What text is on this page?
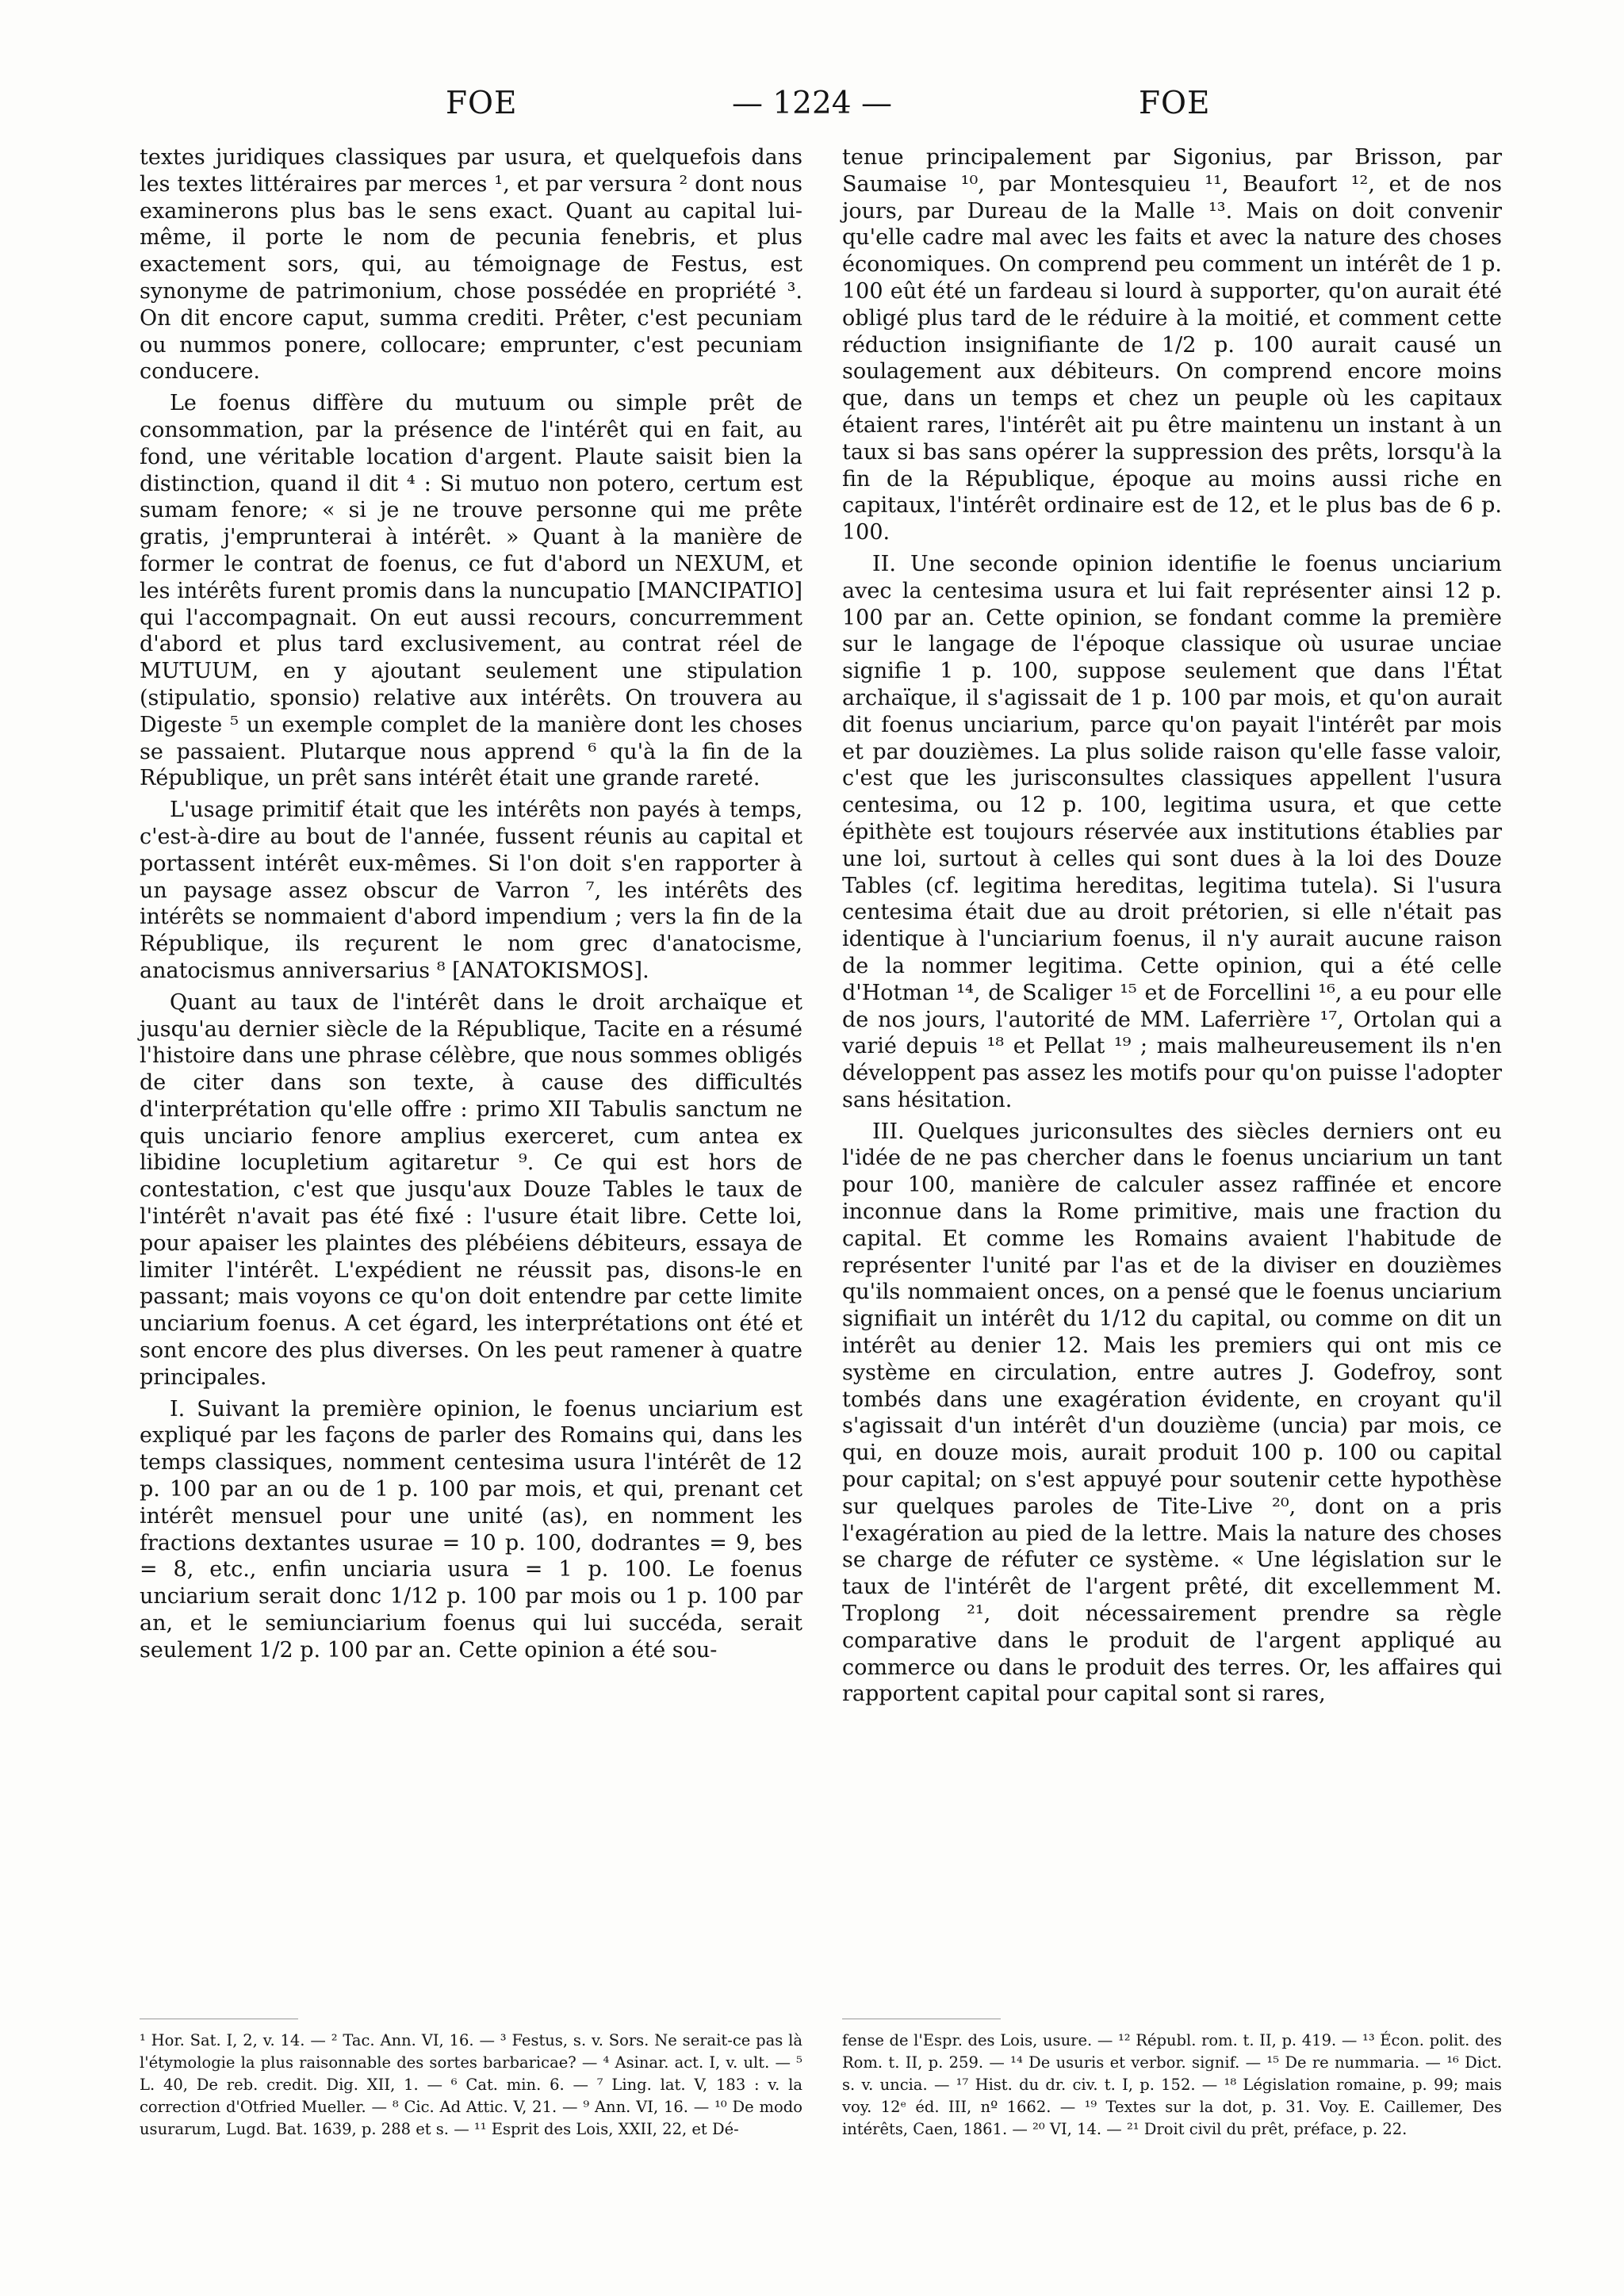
FOE	— 1224 —	FOE

textes juridiques classiques par usura, et quelquefois dans les textes littéraires par merces ¹, et par versura ² dont nous examinerons plus bas le sens exact. Quant au capital lui-même, il porte le nom de pecunia fenebris, et plus exactement sors, qui, au témoignage de Festus, est synonyme de patrimonium, chose possédée en propriété ³. On dit encore caput, summa crediti. Prêter, c'est pecuniam ou nummos ponere, collocare; emprunter, c'est pecuniam conducere.

Le foenus diffère du mutuum ou simple prêt de consommation, par la présence de l'intérêt qui en fait, au fond, une véritable location d'argent. Plaute saisit bien la distinction, quand il dit ⁴ : Si mutuo non potero, certum est sumam fenore; « si je ne trouve personne qui me prête gratis, j'emprunterai à intérêt. » Quant à la manière de former le contrat de foenus, ce fut d'abord un NEXUM, et les intérêts furent promis dans la nuncupatio [MANCIPATIO] qui l'accompagnait. On eut aussi recours, concurremment d'abord et plus tard exclusivement, au contrat réel de MUTUUM, en y ajoutant seulement une stipulation (stipulatio, sponsio) relative aux intérêts. On trouvera au Digeste ⁵ un exemple complet de la manière dont les choses se passaient. Plutarque nous apprend ⁶ qu'à la fin de la République, un prêt sans intérêt était une grande rareté.

L'usage primitif était que les intérêts non payés à temps, c'est-à-dire au bout de l'année, fussent réunis au capital et portassent intérêt eux-mêmes. Si l'on doit s'en rapporter à un paysage assez obscur de Varron ⁷, les intérêts des intérêts se nommaient d'abord impendium ; vers la fin de la République, ils reçurent le nom grec d'anatocisme, anatocismus anniversarius ⁸ [ANATOKISMOS].

Quant au taux de l'intérêt dans le droit archaïque et jusqu'au dernier siècle de la République, Tacite en a résumé l'histoire dans une phrase célèbre, que nous sommes obligés de citer dans son texte, à cause des difficultés d'interprétation qu'elle offre : primo XII Tabulis sanctum ne quis unciario fenore amplius exerceret, cum antea ex libidine locupletium agitaretur ⁹. Ce qui est hors de contestation, c'est que jusqu'aux Douze Tables le taux de l'intérêt n'avait pas été fixé : l'usure était libre. Cette loi, pour apaiser les plaintes des plébéiens débiteurs, essaya de limiter l'intérêt. L'expédient ne réussit pas, disons-le en passant; mais voyons ce qu'on doit entendre par cette limite unciarium foenus. A cet égard, les interprétations ont été et sont encore des plus diverses. On les peut ramener à quatre principales.

I. Suivant la première opinion, le foenus unciarium est expliqué par les façons de parler des Romains qui, dans les temps classiques, nomment centesima usura l'intérêt de 12 p. 100 par an ou de 1 p. 100 par mois, et qui, prenant cet intérêt mensuel pour une unité (as), en nomment les fractions dextantes usurae = 10 p. 100, dodrantes = 9, bes = 8, etc., enfin unciaria usura = 1 p. 100. Le foenus unciarium serait donc 1/12 p. 100 par mois ou 1 p. 100 par an, et le semiunciarium foenus qui lui succéda, serait seulement 1/2 p. 100 par an. Cette opinion a été sou-

tenue principalement par Sigonius, par Brisson, par Saumaise ¹⁰, par Montesquieu ¹¹, Beaufort ¹², et de nos jours, par Dureau de la Malle ¹³. Mais on doit convenir qu'elle cadre mal avec les faits et avec la nature des choses économiques. On comprend peu comment un intérêt de 1 p. 100 eût été un fardeau si lourd à supporter, qu'on aurait été obligé plus tard de le réduire à la moitié, et comment cette réduction insignifiante de 1/2 p. 100 aurait causé un soulagement aux débiteurs. On comprend encore moins que, dans un temps et chez un peuple où les capitaux étaient rares, l'intérêt ait pu être maintenu un instant à un taux si bas sans opérer la suppression des prêts, lorsqu'à la fin de la République, époque au moins aussi riche en capitaux, l'intérêt ordinaire est de 12, et le plus bas de 6 p. 100.

II. Une seconde opinion identifie le foenus unciarium avec la centesima usura et lui fait représenter ainsi 12 p. 100 par an. Cette opinion, se fondant comme la première sur le langage de l'époque classique où usurae unciae signifie 1 p. 100, suppose seulement que dans l'État archaïque, il s'agissait de 1 p. 100 par mois, et qu'on aurait dit foenus unciarium, parce qu'on payait l'intérêt par mois et par douzièmes. La plus solide raison qu'elle fasse valoir, c'est que les jurisconsultes classiques appellent l'usura centesima, ou 12 p. 100, legitima usura, et que cette épithète est toujours réservée aux institutions établies par une loi, surtout à celles qui sont dues à la loi des Douze Tables (cf. legitima hereditas, legitima tutela). Si l'usura centesima était due au droit prétorien, si elle n'était pas identique à l'unciarium foenus, il n'y aurait aucune raison de la nommer legitima. Cette opinion, qui a été celle d'Hotman ¹⁴, de Scaliger ¹⁵ et de Forcellini ¹⁶, a eu pour elle de nos jours, l'autorité de MM. Laferrière ¹⁷, Ortolan qui a varié depuis ¹⁸ et Pellat ¹⁹ ; mais malheureusement ils n'en développent pas assez les motifs pour qu'on puisse l'adopter sans hésitation.

III. Quelques juriconsultes des siècles derniers ont eu l'idée de ne pas chercher dans le foenus unciarium un tant pour 100, manière de calculer assez raffinée et encore inconnue dans la Rome primitive, mais une fraction du capital. Et comme les Romains avaient l'habitude de représenter l'unité par l'as et de la diviser en douzièmes qu'ils nommaient onces, on a pensé que le foenus unciarium signifiait un intérêt du 1/12 du capital, ou comme on dit un intérêt au denier 12. Mais les premiers qui ont mis ce système en circulation, entre autres J. Godefroy, sont tombés dans une exagération évidente, en croyant qu'il s'agissait d'un intérêt d'un douzième (uncia) par mois, ce qui, en douze mois, aurait produit 100 p. 100 ou capital pour capital; on s'est appuyé pour soutenir cette hypothèse sur quelques paroles de Tite-Live ²⁰, dont on a pris l'exagération au pied de la lettre. Mais la nature des choses se charge de réfuter ce système. « Une législation sur le taux de l'intérêt de l'argent prêté, dit excellemment M. Troplong ²¹, doit nécessairement prendre sa règle comparative dans le produit de l'argent appliqué au commerce ou dans le produit des terres. Or, les affaires qui rapportent capital pour capital sont si rares,

¹ Hor. Sat. I, 2, v. 14. — ² Tac. Ann. VI, 16. — ³ Festus, s. v. Sors. Ne serait-ce pas là l'étymologie la plus raisonnable des sortes barbaricae? — ⁴ Asinar. act. I, v. ult. — ⁵ L. 40, De reb. credit. Dig. XII, 1. — ⁶ Cat. min. 6. — ⁷ Ling. lat. V, 183 : v. la correction d'Otfried Mueller. — ⁸ Cic. Ad Attic. V, 21. — ⁹ Ann. VI, 16. — ¹⁰ De modo usurarum, Lugd. Bat. 1639, p. 288 et s. — ¹¹ Esprit des Lois, XXII, 22, et Dé-
fense de l'Espr. des Lois, usure. — ¹² Républ. rom. t. II, p. 419. — ¹³ Écon. polit. des Rom. t. II, p. 259. — ¹⁴ De usuris et verbor. signif. — ¹⁵ De re nummaria. — ¹⁶ Dict. s. v. uncia. — ¹⁷ Hist. du dr. civ. t. I, p. 152. — ¹⁸ Législation romaine, p. 99; mais voy. 12ᵉ éd. III, nº 1662. — ¹⁹ Textes sur la dot, p. 31. Voy. E. Caillemer, Des intérêts, Caen, 1861. — ²⁰ VI, 14. — ²¹ Droit civil du prêt, préface, p. 22.
